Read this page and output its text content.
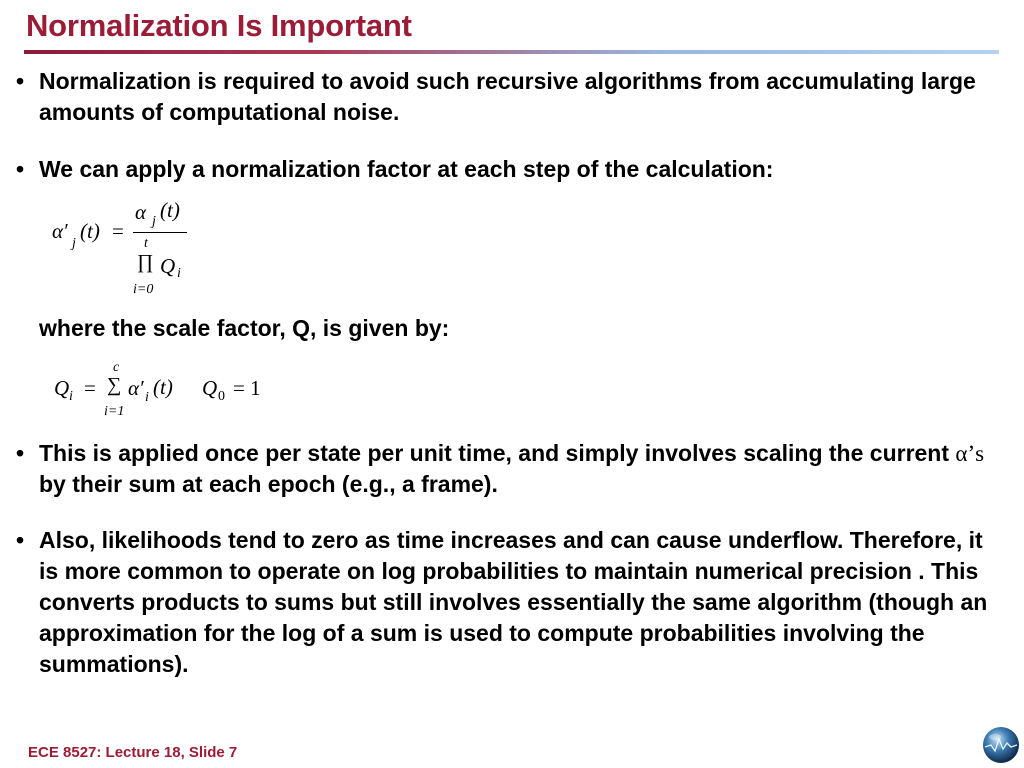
Normalization Is Important
• Normalization is required to avoid such recursive algorithms from accumulating large amounts of computational noise.
• We can apply a normalization factor at each step of the calculation:
α′
j
(t) =
α j (t)
t
∏ Q i
i=0
where the scale factor, Q, is given by:
Q i =
c
∑
i=1
α′ i (t) Q 0 = 1
• This is applied once per state per unit time, and simply involves scaling the current α’s by their sum at each epoch (e.g., a frame).
• Also, likelihoods tend to zero as time increases and can cause underflow. Therefore, it is more common to operate on log probabilities to maintain numerical precision . This converts products to sums but still involves essentially the same algorithm (though an approximation for the log of a sum is used to compute probabilities involving the summations).
ECE 8527: Lecture 18, Slide 7
